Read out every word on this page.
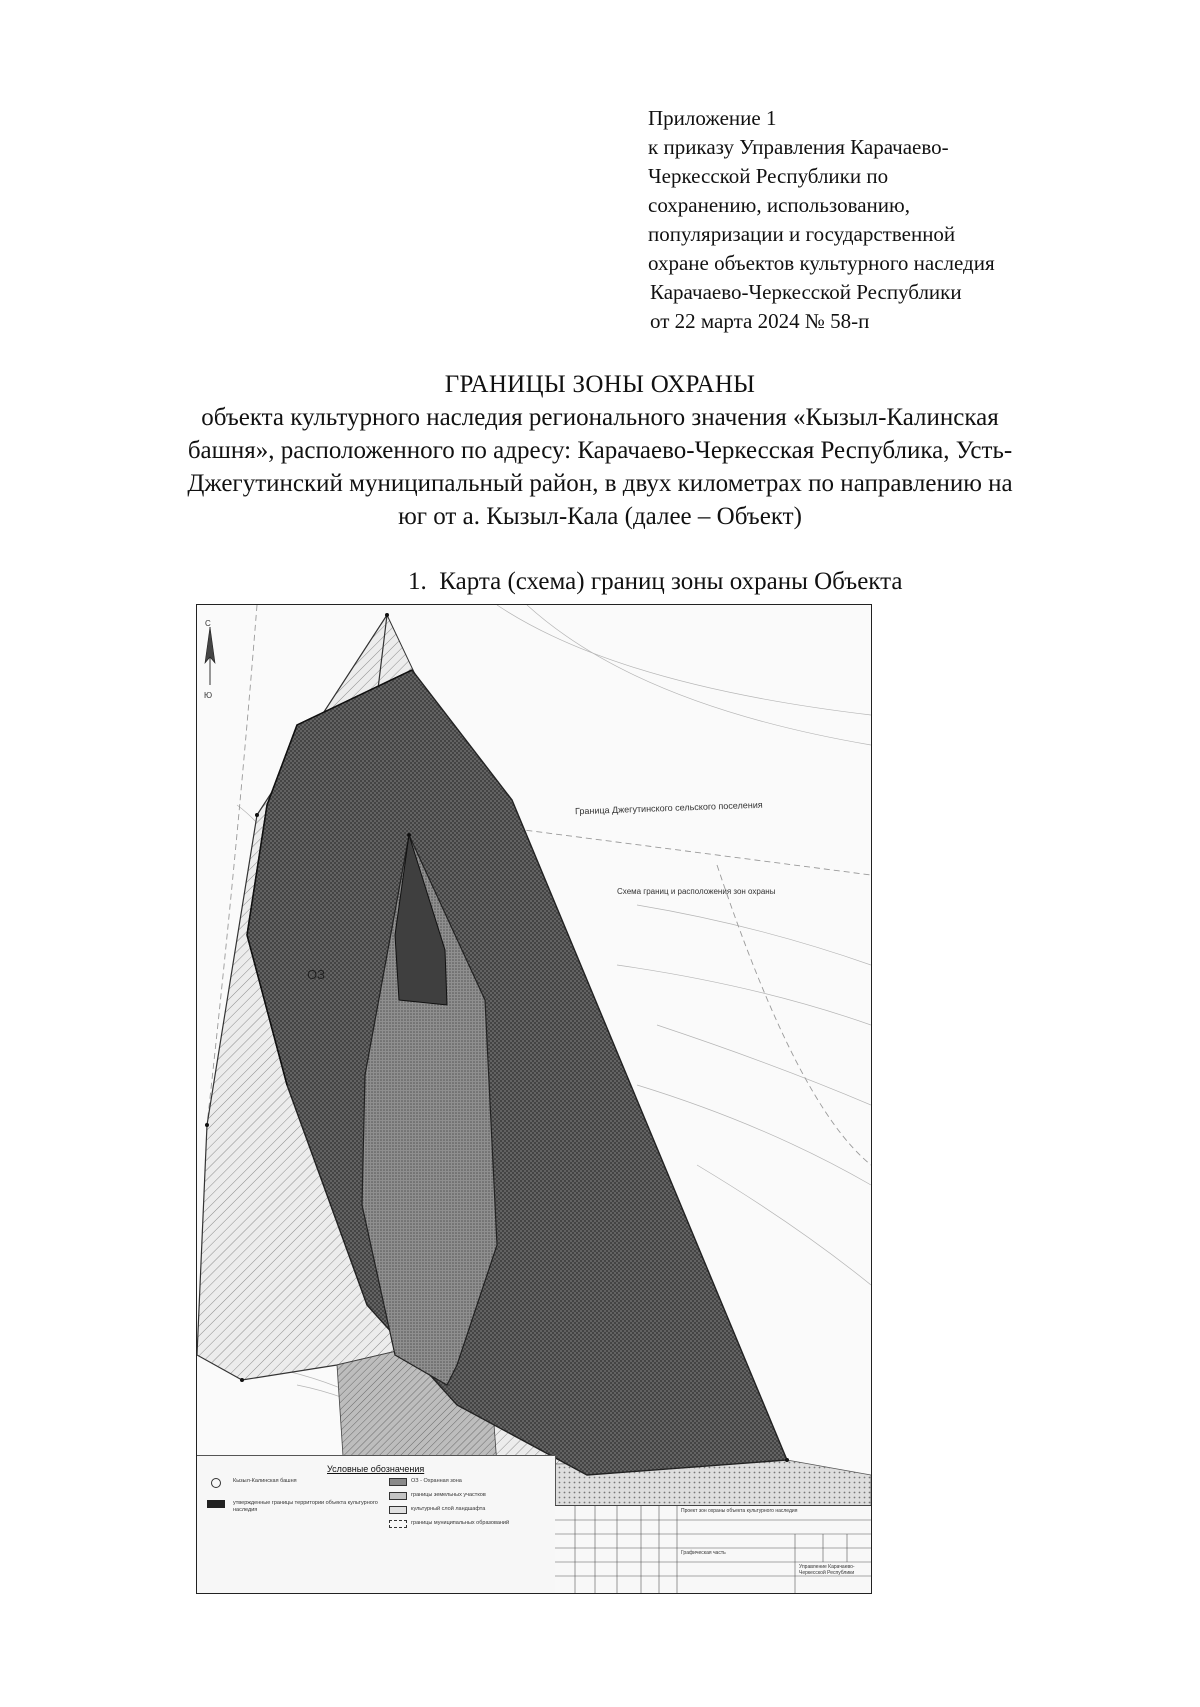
Приложение 1
к приказу Управления Карачаево-
Черкесской Республики по
сохранению, использованию,
популяризации и государственной
охране объектов культурного наследия
Карачаево-Черкесской Республики
от 22 марта 2024 № 58-п
ГРАНИЦЫ ЗОНЫ ОХРАНЫ
объекта культурного наследия регионального значения «Кызыл-Калинская
башня», расположенного по адресу: Карачаево-Черкесская Республика, Усть-
Джегутинский муниципальный район, в двух километрах по направлению на
юг от а. Кызыл-Кала (далее – Объект)
1. Карта (схема) границ зоны охраны Объекта
С
Ю
ОЗ
Граница Джегутинского сельского поселения
Схема границ и расположения зон охраны
Условные обозначения
Кызыл-Калинская башня
утвержденные границы территории объекта культурного наследия
ОЗ - Охранная зона
границы земельных участков
культурный слой ландшафта
границы муниципальных образований
Проект зон охраны объекта культурного наследия
Графическая часть
Управление Карачаево-Черкесской Республики
